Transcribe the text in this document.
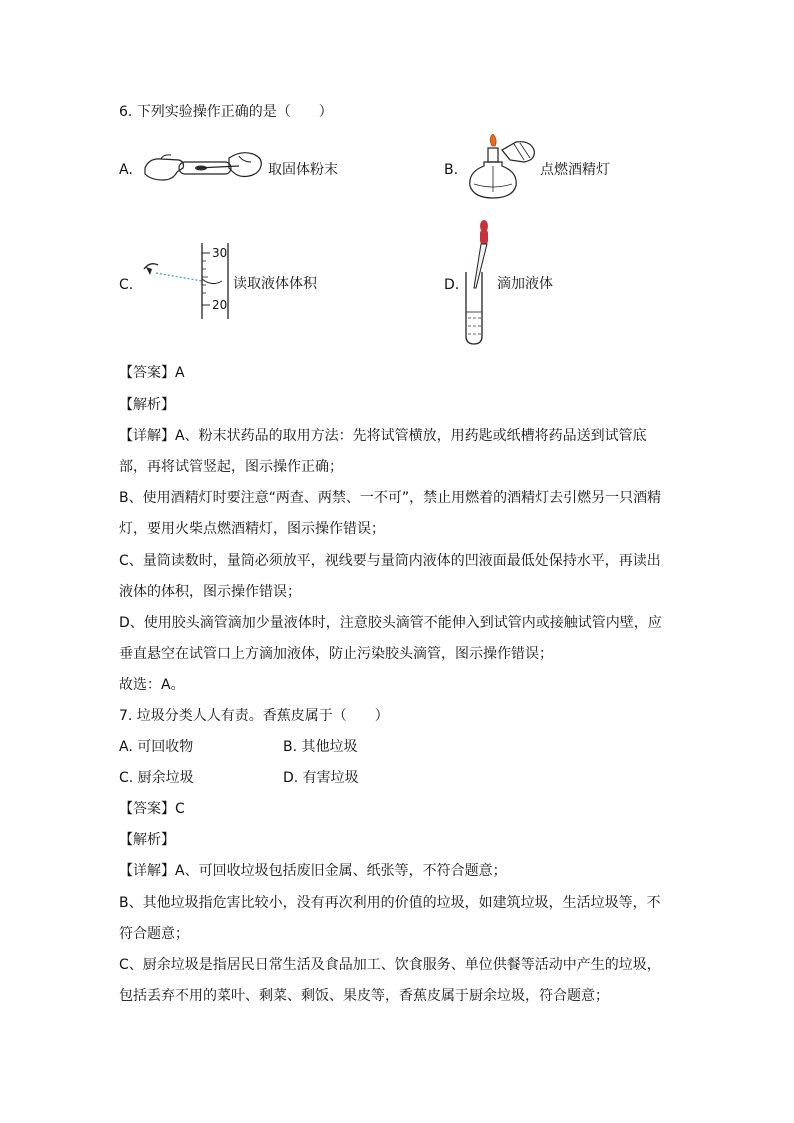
6. 下列实验操作正确的是（　　）
A.	取固体粉末	B.	点燃酒精灯
C.
30
20
读取液体体积	D.	滴加液体
【答案】A
【解析】
【详解】A、粉末状药品的取用方法：先将试管横放，用药匙或纸槽将药品送到试管底
部，再将试管竖起，图示操作正确；
B、使用酒精灯时要注意“两查、两禁、一不可”，禁止用燃着的酒精灯去引燃另一只酒精
灯，要用火柴点燃酒精灯，图示操作错误；
C、量筒读数时，量筒必须放平，视线要与量筒内液体的凹液面最低处保持水平，再读出
液体的体积，图示操作错误；
D、使用胶头滴管滴加少量液体时，注意胶头滴管不能伸入到试管内或接触试管内壁，应
垂直悬空在试管口上方滴加液体，防止污染胶头滴管，图示操作错误；
故选：A。
7. 垃圾分类人人有责。香蕉皮属于（　　）
A. 可回收物	B. 其他垃圾
C. 厨余垃圾	D. 有害垃圾
【答案】C
【解析】
【详解】A、可回收垃圾包括废旧金属、纸张等，不符合题意；
B、其他垃圾指危害比较小，没有再次利用的价值的垃圾，如建筑垃圾，生活垃圾等，不
符合题意；
C、厨余垃圾是指居民日常生活及食品加工、饮食服务、单位供餐等活动中产生的垃圾，
包括丢弃不用的菜叶、剩菜、剩饭、果皮等，香蕉皮属于厨余垃圾，符合题意；
